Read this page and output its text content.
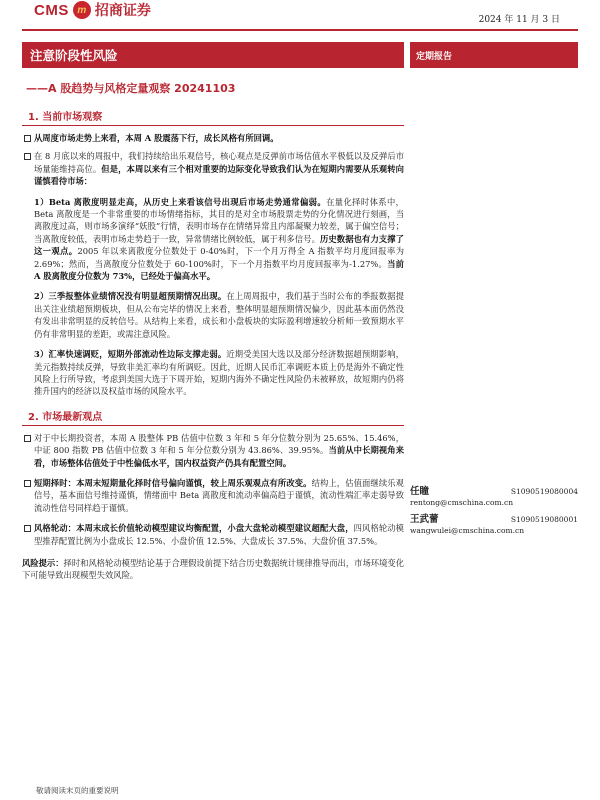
CMS m 招商证券
2024 年 11 月 3 日
注意阶段性风险
——A 股趋势与风格定量观察 20241103
1. 当前市场观察

从周度市场走势上来看，本周 A 股震荡下行，成长风格有所回调。

在 8 月底以来的周报中，我们持续给出乐观信号，核心观点是反弹前市场估值水平极低以及反弹后市场量能维持高位。但是，本周以来有三个相对重要的边际变化导致我们认为在短期内需要从乐观转向谨慎看待市场：

1）Beta 离散度明显走高，从历史上来看该信号出现后市场走势通常偏弱。在量化择时体系中，Beta 离散度是一个非常重要的市场情绪指标，其目的是对全市场股票走势的分化情况进行刻画，当离散度过高，则市场多演绎“妖股”行情，表明市场存在情绪异常且内部凝聚力较差，属于偏空信号；当离散度较低，表明市场走势趋于一致，异常情绪比例较低，属于利多信号。历史数据也有力支撑了这一观点。2005 年以来离散度分位数处于 0-40%时，下一个月万得全 A 指数平均月度回报率为 2.69%；然而，当离散度分位数处于 60-100%时，下一个月指数平均月度回报率为-1.27%。当前 A 股离散度分位数为 73%，已经处于偏高水平。

2）三季报整体业绩情况没有明显超预期情况出现。在上周周报中，我们基于当时公布的季报数据提出关注业绩超预期板块，但从公布完毕的情况上来看，整体明显超预期情况偏少，因此基本面仍然没有发出非常明显的反转信号。从结构上来看，成长和小盘板块的实际盈利增速较分析师一致预期水平仍有非常明显的差距，或需注意风险。

3）汇率快速调贬，短期外部流动性边际支撑走弱。近期受美国大选以及部分经济数据超预期影响，美元指数持续反弹，导致非美汇率均有所调贬。因此，近期人民币汇率调贬本质上仍是海外不确定性风险上行所导致，考虑到美国大选于下周开始，短期内海外不确定性风险仍未被释放，故短期内仍将推升国内的经济以及权益市场的风险水平。

2. 市场最新观点

对于中长期投资者，本周 A 股整体 PB 估值中位数 3 年和 5 年分位数分别为 25.65%、15.46%，中证 800 指数 PB 估值中位数 3 年和 5 年分位数分别为 43.86%、39.95%。当前从中长期视角来看，市场整体估值处于中性偏低水平，国内权益资产仍具有配置空间。

短期择时：本周末短期量化择时信号偏向谨慎，较上周乐观观点有所改变。结构上，估值面继续乐观信号，基本面信号维持谨慎，情绪面中 Beta 离散度和流动率偏高趋于谨慎，流动性端汇率走弱导致流动性信号同样趋于谨慎。

风格轮动：本周末成长价值轮动模型建议均衡配置，小盘大盘轮动模型建议超配大盘，四风格轮动模型推荐配置比例为小盘成长 12.5%、小盘价值 12.5%、大盘成长 37.5%、大盘价值 37.5%。

风险提示：择时和风格轮动模型结论基于合理假设前提下结合历史数据统计规律推导而出，市场环境变化下可能导致出现模型失效风险。

定期报告
任瞳	S1090519080004
rentong@cmschina.com.cn
王武蕾	S1090519080001
wangwulei@cmschina.com.cn
敬请阅读末页的重要说明
